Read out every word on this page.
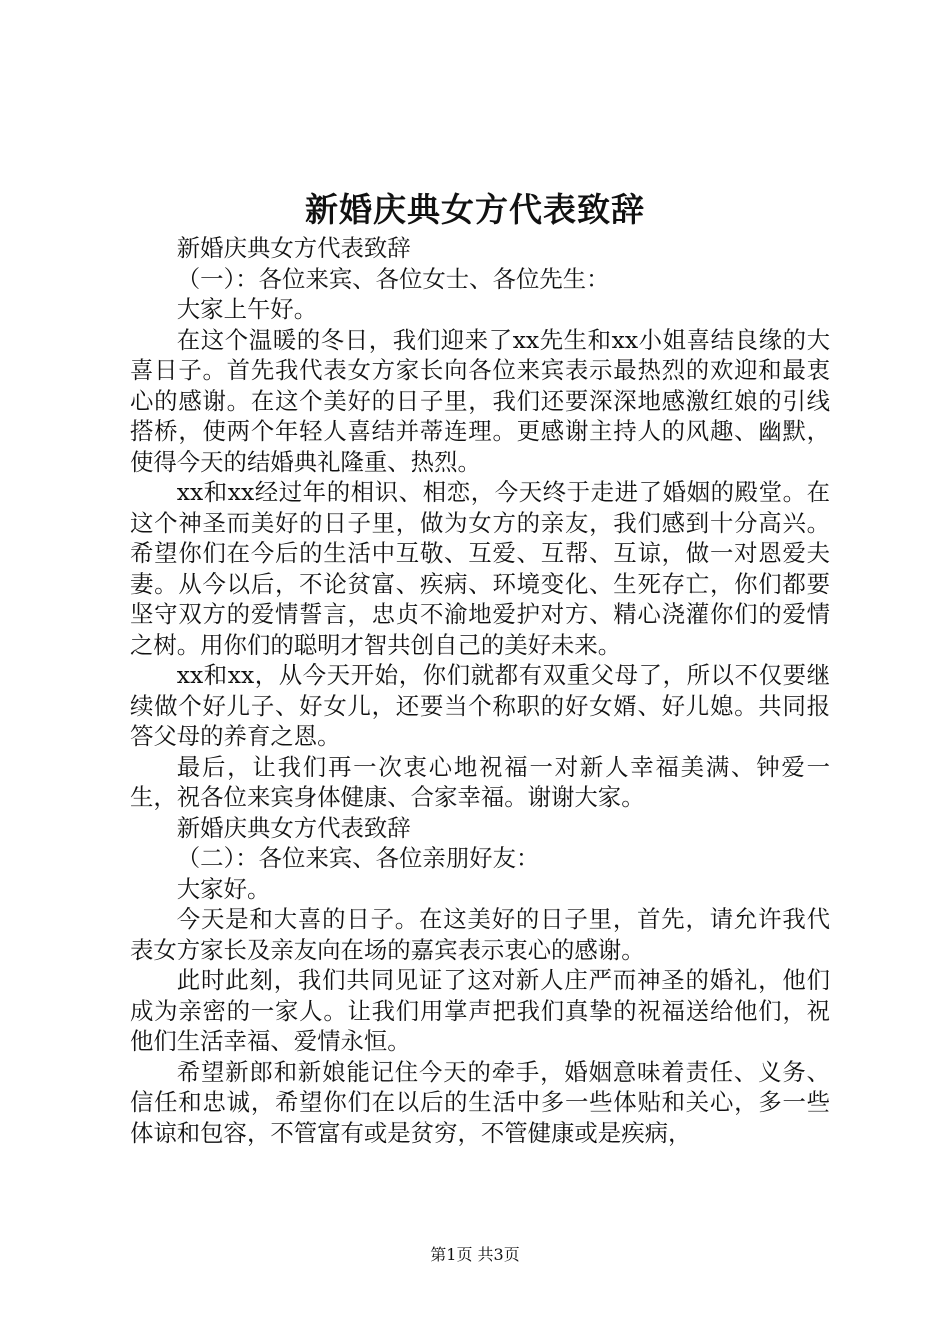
新婚庆典女方代表致辞

新婚庆典女方代表致辞

（一）：各位来宾、各位女士、各位先生：

大家上午好。

在这个温暖的冬日，我们迎来了xx先生和xx小姐喜结良缘的大喜日子。首先我代表女方家长向各位来宾表示最热烈的欢迎和最衷心的感谢。在这个美好的日子里，我们还要深深地感激红娘的引线搭桥，使两个年轻人喜结并蒂连理。更感谢主持人的风趣、幽默，使得今天的结婚典礼隆重、热烈。

xx和xx经过年的相识、相恋，今天终于走进了婚姻的殿堂。在这个神圣而美好的日子里，做为女方的亲友，我们感到十分高兴。希望你们在今后的生活中互敬、互爱、互帮、互谅，做一对恩爱夫妻。从今以后，不论贫富、疾病、环境变化、生死存亡，你们都要坚守双方的爱情誓言，忠贞不渝地爱护对方、精心浇灌你们的爱情之树。用你们的聪明才智共创自己的美好未来。

xx和xx，从今天开始，你们就都有双重父母了，所以不仅要继续做个好儿子、好女儿，还要当个称职的好女婿、好儿媳。共同报答父母的养育之恩。

最后，让我们再一次衷心地祝福一对新人幸福美满、钟爱一生，祝各位来宾身体健康、合家幸福。谢谢大家。

新婚庆典女方代表致辞

（二）：各位来宾、各位亲朋好友：

大家好。

今天是和大喜的日子。在这美好的日子里，首先，请允许我代表女方家长及亲友向在场的嘉宾表示衷心的感谢。

此时此刻，我们共同见证了这对新人庄严而神圣的婚礼，他们成为亲密的一家人。让我们用掌声把我们真挚的祝福送给他们，祝他们生活幸福、爱情永恒。

希望新郎和新娘能记住今天的牵手，婚姻意味着责任、义务、信任和忠诚，希望你们在以后的生活中多一些体贴和关心，多一些体谅和包容，不管富有或是贫穷，不管健康或是疾病，

第1页 共3页
